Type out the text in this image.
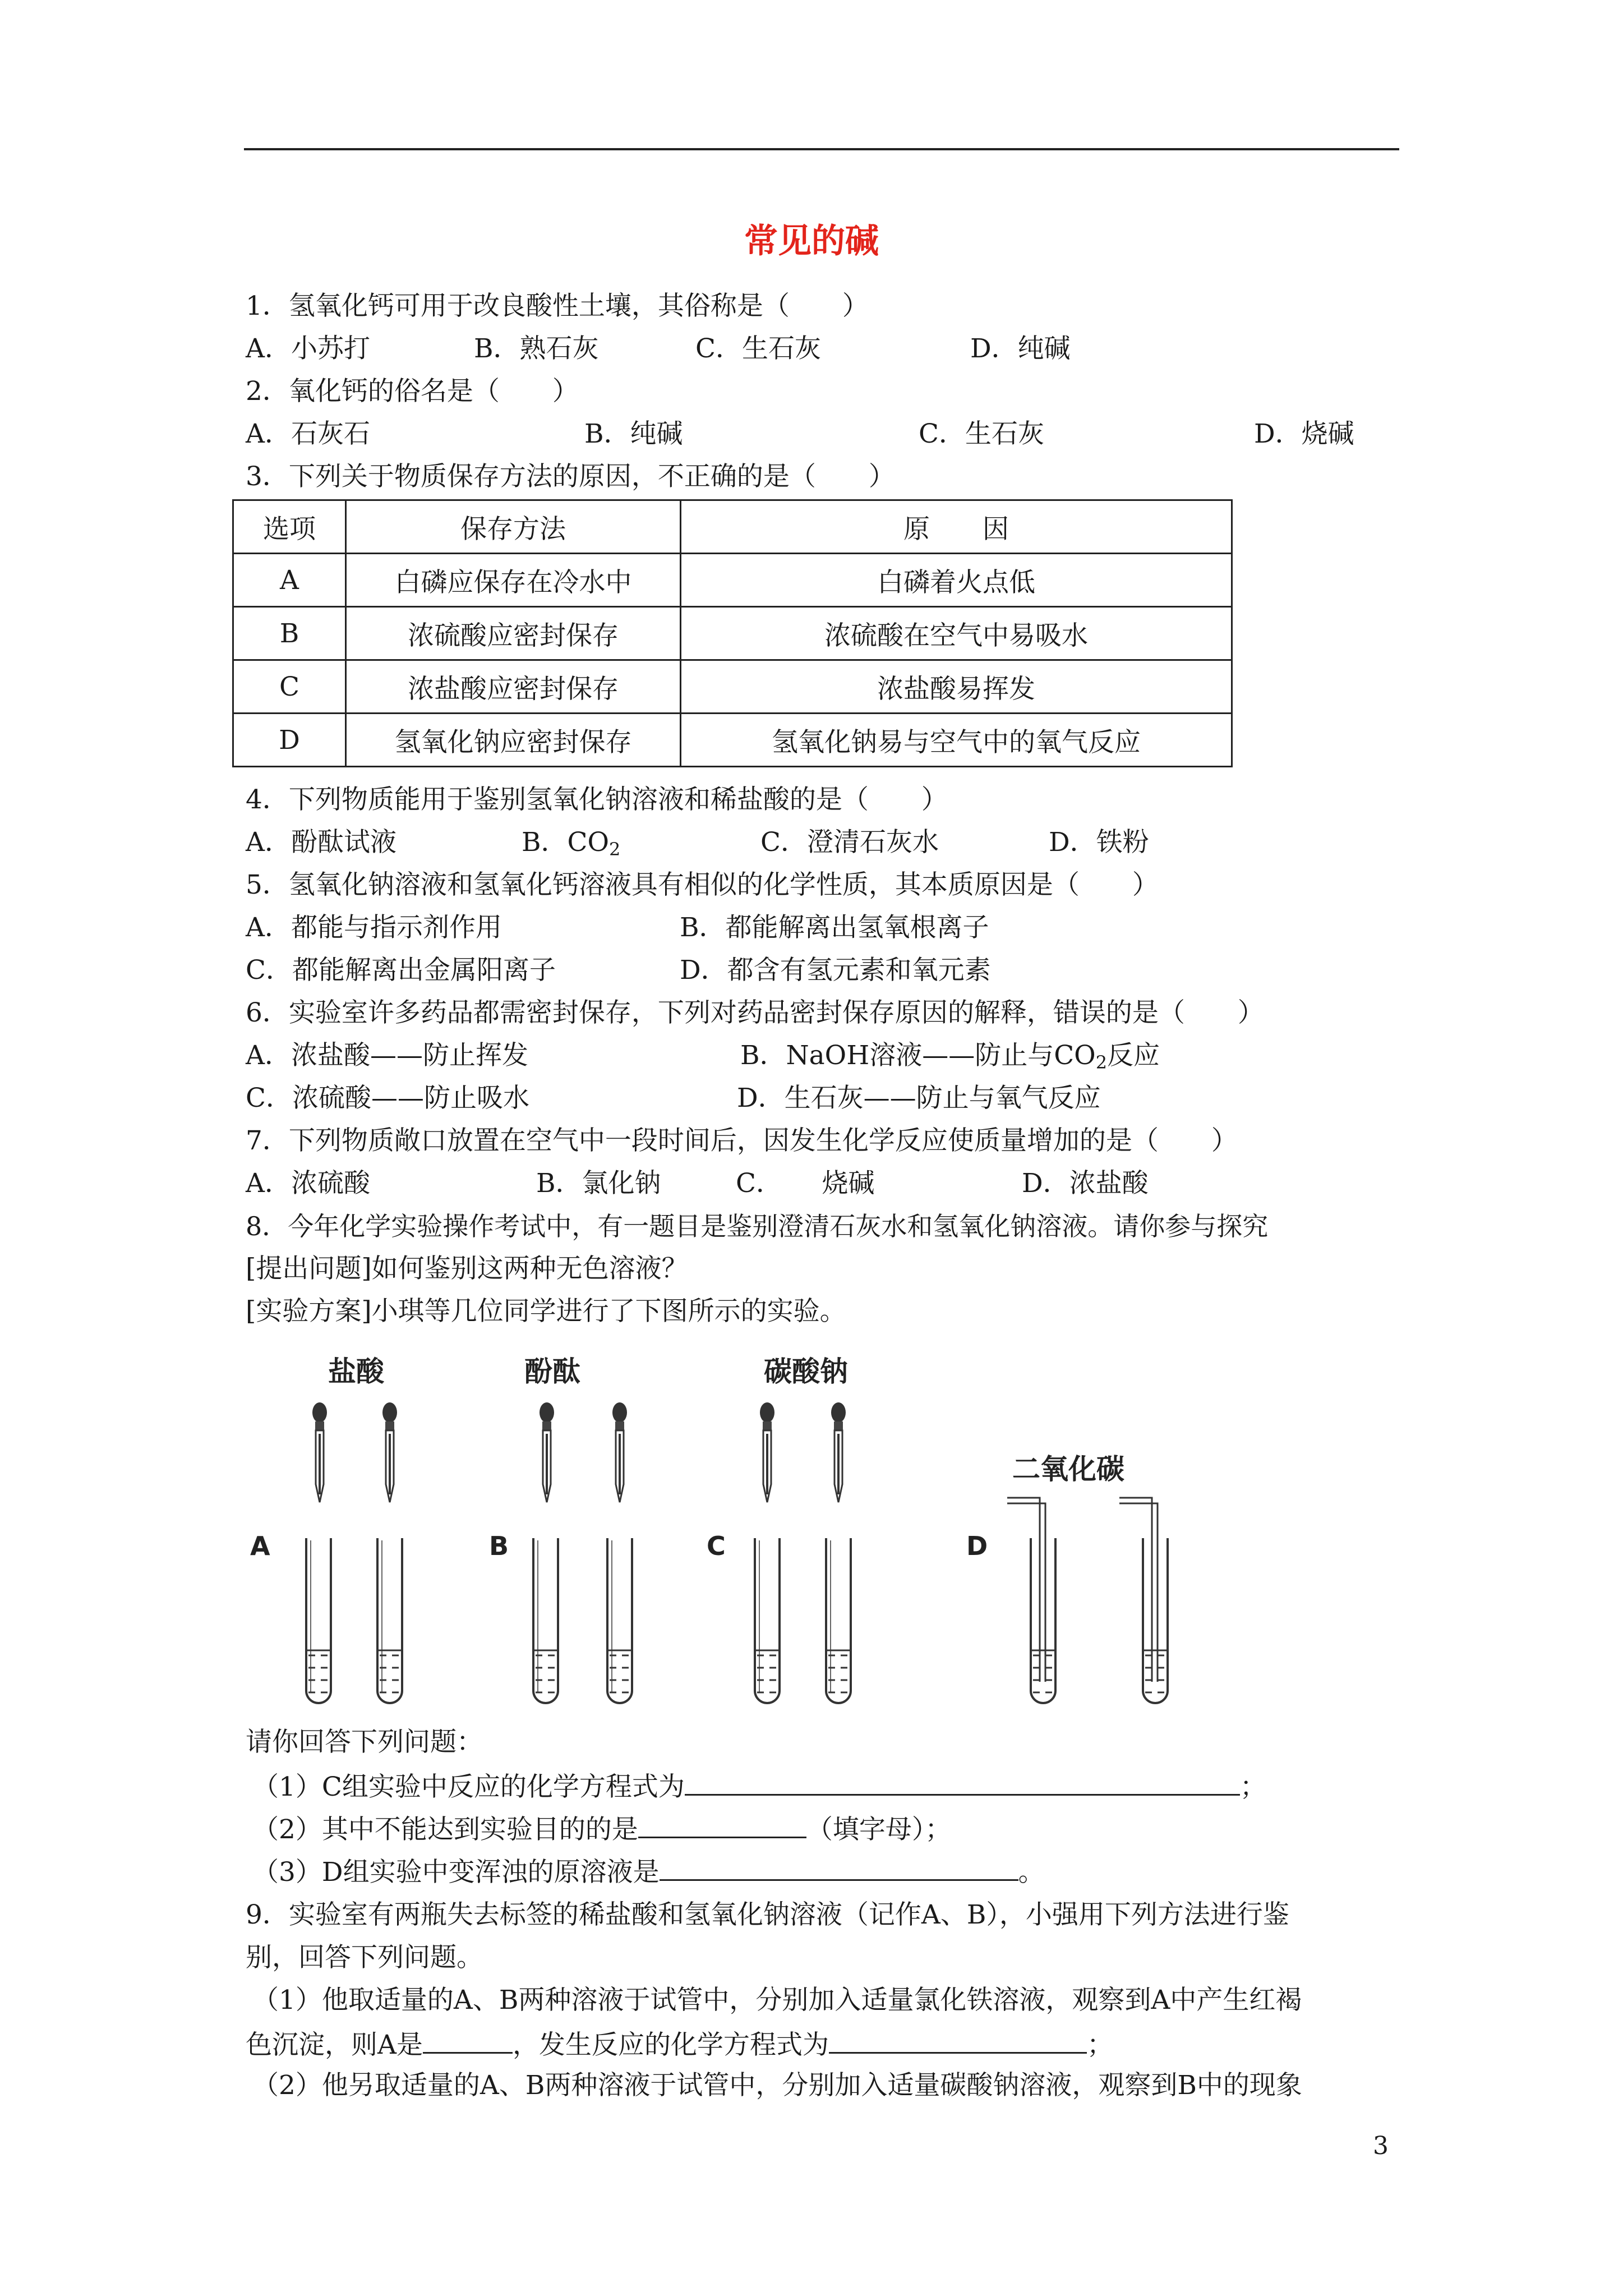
常见的碱
1．氢氧化钙可用于改良酸性土壤，其俗称是（　　）
A．小苏打	B．熟石灰	C．生石灰	D．纯碱
2．氧化钙的俗名是（　　）
A．石灰石	B．纯碱	C．生石灰	D．烧碱
3．下列关于物质保存方法的原因，不正确的是（　　）
选项	保存方法	原　　因
A	白磷应保存在冷水中	白磷着火点低
B	浓硫酸应密封保存	浓硫酸在空气中易吸水
C	浓盐酸应密封保存	浓盐酸易挥发
D	氢氧化钠应密封保存	氢氧化钠易与空气中的氧气反应
4．下列物质能用于鉴别氢氧化钠溶液和稀盐酸的是（　　）
A．酚酞试液	B．$CO_2$	C．澄清石灰水	D．铁粉
5．氢氧化钠溶液和氢氧化钙溶液具有相似的化学性质，其本质原因是（　　）
A．都能与指示剂作用	B．都能解离出氢氧根离子
C．都能解离出金属阳离子	D．都含有氢元素和氧元素
6．实验室许多药品都需密封保存，下列对药品密封保存原因的解释，错误的是（　　）
A．浓盐酸——防止挥发	B．NaOH溶液——防止与$CO_2$反应
C．浓硫酸——防止吸水	D．生石灰——防止与氧气反应
7．下列物质敞口放置在空气中一段时间后，因发生化学反应使质量增加的是（　　）
A．浓硫酸	B．氯化钠	C．　　烧碱	D．浓盐酸
8．今年化学实验操作考试中，有一题目是鉴别澄清石灰水和氢氧化钠溶液。请你参与探究
[提出问题]如何鉴别这两种无色溶液？
[实验方案]小琪等几位同学进行了下图所示的实验。
盐酸	酚酞	碳酸钠
二氧化碳
A	B	C	D
请你回答下列问题：
（1）C组实验中反应的化学方程式为	；
（2）其中不能达到实验目的的是	（填字母）；
（3）D组实验中变浑浊的原溶液是	。
9．实验室有两瓶失去标签的稀盐酸和氢氧化钠溶液（记作A、B），小强用下列方法进行鉴
别，回答下列问题。
（1）他取适量的A、B两种溶液于试管中，分别加入适量氯化铁溶液，观察到A中产生红褐
色沉淀，则A是	，发生反应的化学方程式为	；
（2）他另取适量的A、B两种溶液于试管中，分别加入适量碳酸钠溶液，观察到B中的现象
3
